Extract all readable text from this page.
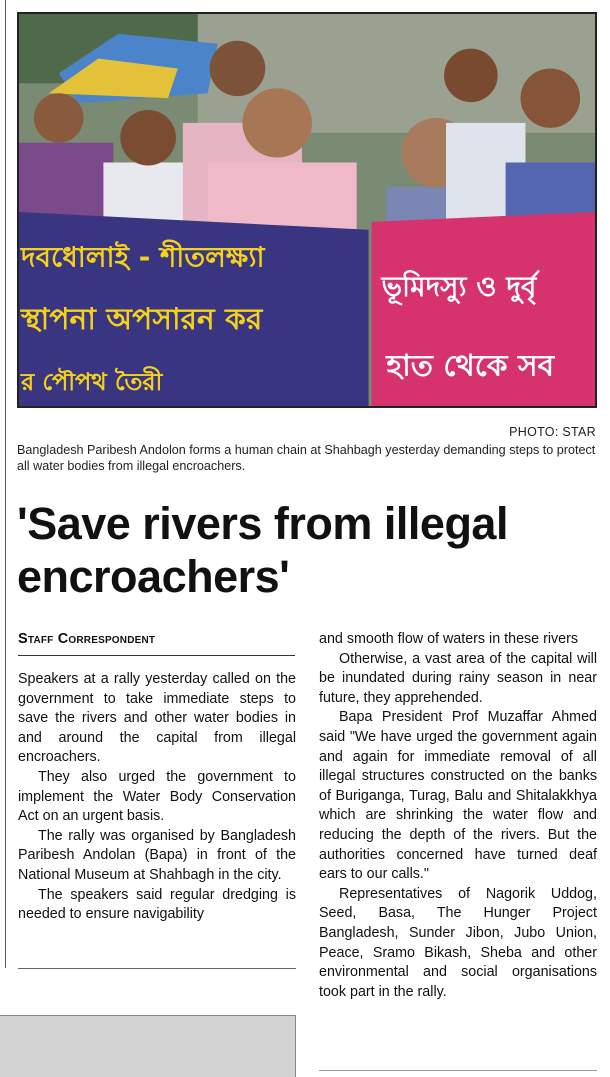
দবধোলাই - শীতলক্ষ্যা
স্থাপনা অপসারন কর
র পৌপথ তৈরী
ভূমিদস্যু ও দুর্বৃ
হাত থেকে সব
PHOTO: STAR
Bangladesh Paribesh Andolon forms a human chain at Shahbagh yesterday demanding steps to protect all water bodies from illegal encroachers.
'Save rivers from illegal
encroachers'
Staff Correspondent

Speakers at a rally yesterday called on the government to take immediate steps to save the rivers and other water bodies in and around the capital from illegal encroachers.

They also urged the government to implement the Water Body Conservation Act on an urgent basis.

The rally was organised by Bangladesh Paribesh Andolan (Bapa) in front of the National Museum at Shahbagh in the city.

The speakers said regular dredging is needed to ensure navigability

and smooth flow of waters in these rivers

Otherwise, a vast area of the capital will be inundated during rainy season in near future, they apprehended.

Bapa President Prof Muzaffar Ahmed said "We have urged the government again and again for immediate removal of all illegal structures constructed on the banks of Buriganga, Turag, Balu and Shitalakkhya which are shrinking the water flow and reducing the depth of the rivers. But the authorities concerned have turned deaf ears to our calls."

Representatives of Nagorik Uddog, Seed, Basa, The Hunger Project Bangladesh, Sunder Jibon, Jubo Union, Peace, Sramo Bikash, Sheba and other environmental and social organisations took part in the rally.
